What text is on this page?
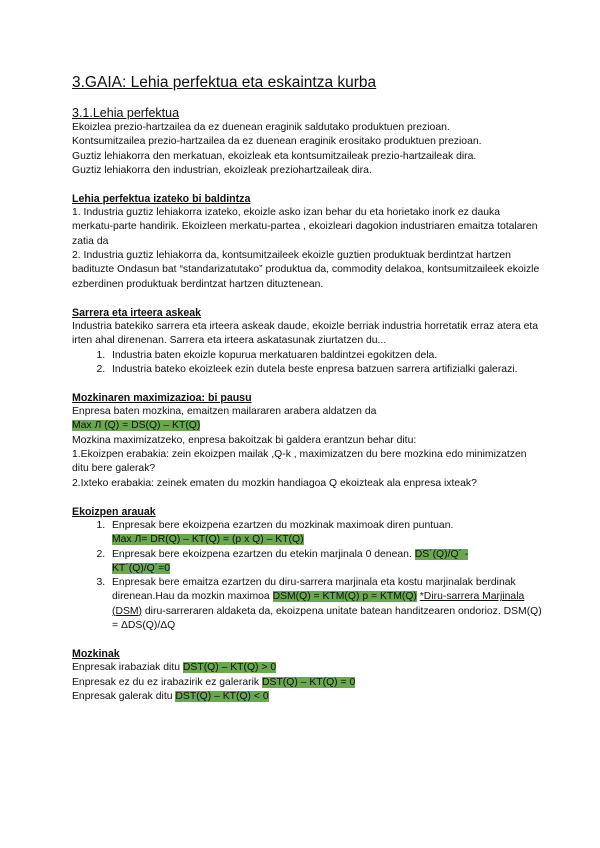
3.GAIA: Lehia perfektua eta eskaintza kurba
3.1.Lehia perfektua

Ekoizlea prezio-hartzailea da ez duenean eraginik saldutako produktuen prezioan.

Kontsumitzailea prezio-hartzailea da ez duenean eraginik erositako produktuen prezioan.

Guztiz lehiakorra den merkatuan, ekoizleak eta kontsumitzaileak prezio-hartzaileak dira.

Guztiz lehiakorra den industrian, ekoizleak preziohartzaileak dira.

Lehia perfektua izateko bi baldintza

1. Industria guztiz lehiakorra izateko, ekoizle asko izan behar du eta horietako inork ez dauka merkatu-parte handirik. Ekoizleen merkatu-partea , ekoizleari dagokion industriaren emaitza totalaren zatia da

2. Industria guztiz lehiakorra da, kontsumitzaileek ekoizle guztien produktuak berdintzat hartzen badituzte Ondasun bat “standarizatutako” produktua da, commodity delakoa, kontsumitzaileek ekoizle ezberdinen produktuak berdintzat hartzen dituztenean.

Sarrera eta irteera askeak

Industria batekiko sarrera eta irteera askeak daude, ekoizle berriak industria horretatik erraz atera eta irten ahal direnenan. Sarrera eta irteera askatasunak ziurtatzen du...

1. Industria baten ekoizle kopurua merkatuaren baldintzei egokitzen dela.
2. Industria bateko ekoizleek ezin dutela beste enpresa batzuen sarrera artifizialki galerazi.
Mozkinaren maximizazioa: bi pausu

Enpresa baten mozkina, emaitzen mailararen arabera aldatzen da

Max Л (Q) = DS(Q) – KT(Q)

Mozkina maximizatzeko, enpresa bakoitzak bi galdera erantzun behar ditu:

1.Ekoizpen erabakia: zein ekoizpen mailak ,Q-k , maximizatzen du bere mozkina edo minimizatzen ditu bere galerak?

2.Ixteko erabakia: zeinek ematen du mozkin handiagoa Q ekoizteak ala enpresa ixteak?

Ekoizpen arauak
1. Enpresak bere ekoizpena ezartzen du mozkinak maximoak diren puntuan.
Max Л= DR(Q) – KT(Q) = (p x Q) – KT(Q)
2. Enpresak bere ekoizpena ezartzen du etekin marjinala 0 denean. DS´(Q)/Q´ -
KT´(Q)/Q´=0
3. Enpresak bere emaitza ezartzen du diru-sarrera marjinala eta kostu marjinalak berdinak direnean.Hau da mozkin maximoa DSM(Q) = KTM(Q) p = KTM(Q) *Diru-sarrera Marjinala (DSM) diru-sarreraren aldaketa da, ekoizpena unitate batean handitzearen ondorioz. DSM(Q) = ΔDS(Q)/ΔQ
Mozkinak

Enpresak irabaziak ditu DST(Q) – KT(Q) > 0

Enpresak ez du ez irabazirik ez galerarik DST(Q) – KT(Q) = 0

Enpresak galerak ditu DST(Q) – KT(Q) < 0
